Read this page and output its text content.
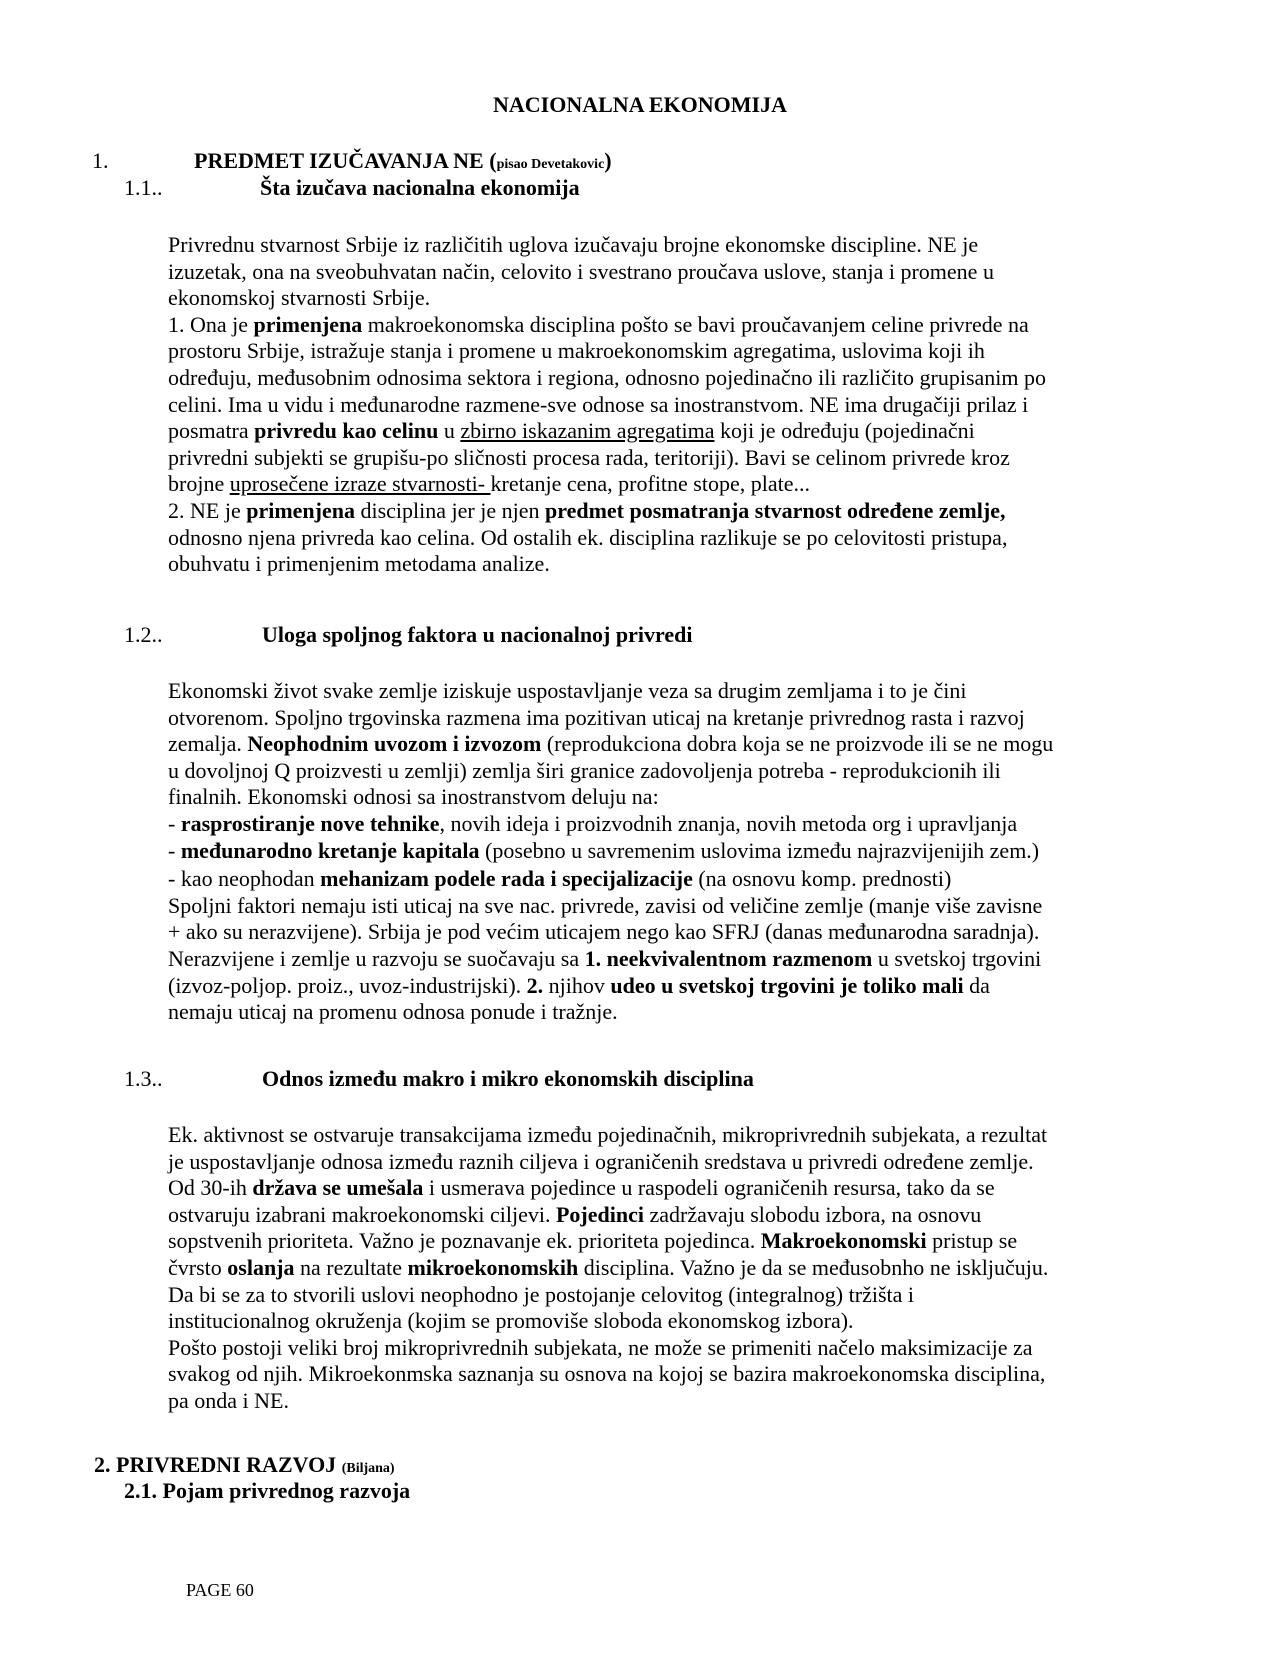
NACIONALNA EKONOMIJA
1.	PREDMET IZUČAVANJA NE (pisao Devetakovic)
1.1..	Šta izučava nacionalna ekonomija
Privrednu stvarnost Srbije iz različitih uglova izučavaju brojne ekonomske discipline. NE je
izuzetak, ona na sveobuhvatan način, celovito i svestrano proučava uslove, stanja i promene u
ekonomskoj stvarnosti Srbije.
1. Ona je primenjena makroekonomska disciplina pošto se bavi proučavanjem celine privrede na
prostoru Srbije, istražuje stanja i promene u makroekonomskim agregatima, uslovima koji ih
određuju, međusobnim odnosima sektora i regiona, odnosno pojedinačno ili različito grupisanim po
celini. Ima u vidu i međunarodne razmene-sve odnose sa inostranstvom. NE ima drugačiji prilaz i
posmatra privredu kao celinu u zbirno iskazanim agregatima koji je određuju (pojedinačni
privredni subjekti se grupišu-po sličnosti procesa rada, teritoriji). Bavi se celinom privrede kroz
brojne uprosečene izraze stvarnosti- kretanje cena, profitne stope, plate...
2. NE je primenjena disciplina jer je njen predmet posmatranja stvarnost određene zemlje,
odnosno njena privreda kao celina. Od ostalih ek. disciplina razlikuje se po celovitosti pristupa,
obuhvatu i primenjenim metodama analize.
1.2..	Uloga spoljnog faktora u nacionalnoj privredi
Ekonomski život svake zemlje iziskuje uspostavljanje veza sa drugim zemljama i to je čini
otvorenom. Spoljno trgovinska razmena ima pozitivan uticaj na kretanje privrednog rasta i razvoj
zemalja. Neophodnim uvozom i izvozom (reprodukciona dobra koja se ne proizvode ili se ne mogu
u dovoljnoj Q proizvesti u zemlji) zemlja širi granice zadovoljenja potreba - reprodukcionih ili
finalnih. Ekonomski odnosi sa inostranstvom deluju na:
- rasprostiranje nove tehnike, novih ideja i proizvodnih znanja, novih metoda org i upravljanja
- međunarodno kretanje kapitala (posebno u savremenim uslovima između najrazvijenijih zem.)
- kao neophodan mehanizam podele rada i specijalizacije (na osnovu komp. prednosti)
Spoljni faktori nemaju isti uticaj na sve nac. privrede, zavisi od veličine zemlje (manje više zavisne
+ ako su nerazvijene). Srbija je pod većim uticajem nego kao SFRJ (danas međunarodna saradnja).
Nerazvijene i zemlje u razvoju se suočavaju sa 1. neekvivalentnom razmenom u svetskoj trgovini
(izvoz-poljop. proiz., uvoz-industrijski). 2. njihov udeo u svetskoj trgovini je toliko mali da
nemaju uticaj na promenu odnosa ponude i tražnje.
1.3..	Odnos između makro i mikro ekonomskih disciplina
Ek. aktivnost se ostvaruje transakcijama između pojedinačnih, mikroprivrednih subjekata, a rezultat
je uspostavljanje odnosa između raznih ciljeva i ograničenih sredstava u privredi određene zemlje.
Od 30-ih država se umešala i usmerava pojedince u raspodeli ograničenih resursa, tako da se
ostvaruju izabrani makroekonomski ciljevi. Pojedinci zadržavaju slobodu izbora, na osnovu
sopstvenih prioriteta. Važno je poznavanje ek. prioriteta pojedinca. Makroekonomski pristup se
čvrsto oslanja na rezultate mikroekonomskih disciplina. Važno je da se međusobnho ne isključuju.
Da bi se za to stvorili uslovi neophodno je postojanje celovitog (integralnog) tržišta i
institucionalnog okruženja (kojim se promoviše sloboda ekonomskog izbora).
Pošto postoji veliki broj mikroprivrednih subjekata, ne može se primeniti načelo maksimizacije za
svakog od njih. Mikroekonmska saznanja su osnova na kojoj se bazira makroekonomska disciplina,
pa onda i NE.
2. PRIVREDNI RAZVOJ (Biljana)
2.1. Pojam privrednog razvoja
PAGE 60
